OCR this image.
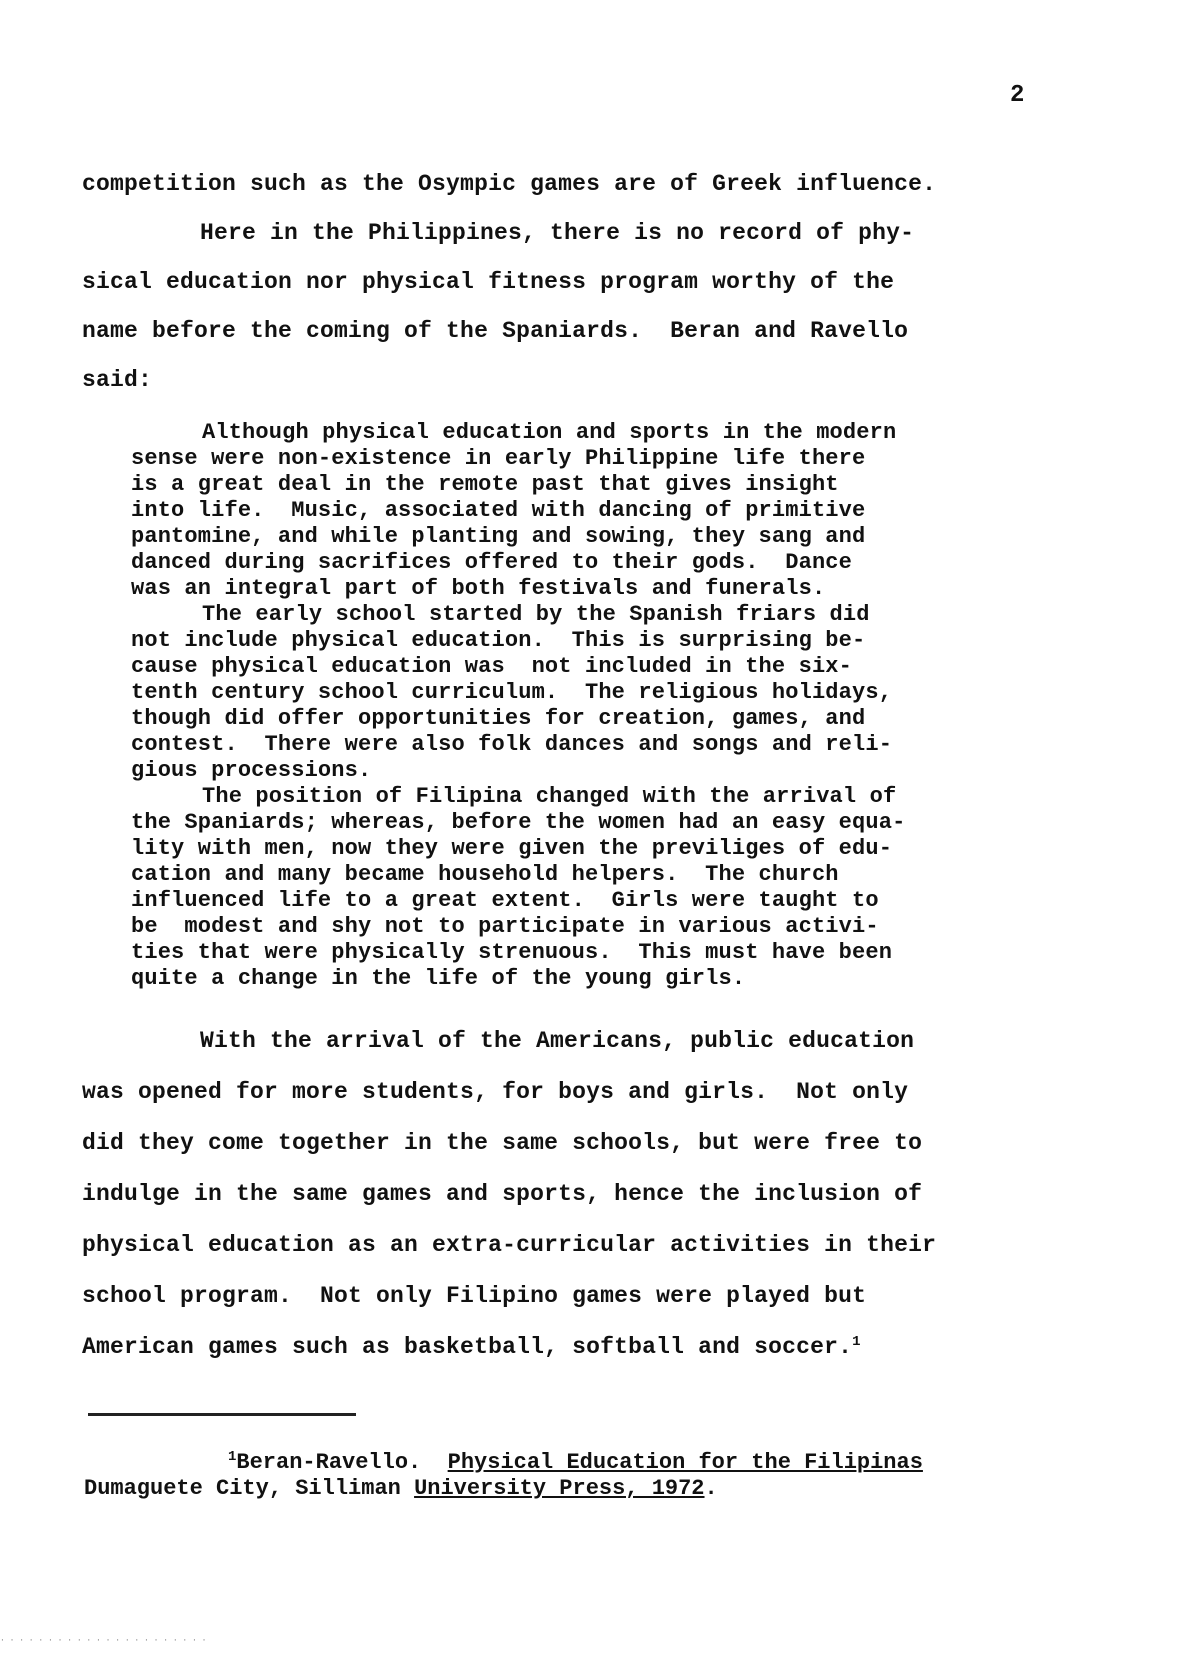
2
competition such as the Osympic games are of Greek influence.
Here in the Philippines, there is no record of phy-
sical education nor physical fitness program worthy of the
name before the coming of the Spaniards.  Beran and Ravello
said:
Although physical education and sports in the modern
sense were non-existence in early Philippine life there
is a great deal in the remote past that gives insight
into life.  Music, associated with dancing of primitive
pantomine, and while planting and sowing, they sang and
danced during sacrifices offered to their gods.  Dance
was an integral part of both festivals and funerals.
The early school started by the Spanish friars did
not include physical education.  This is surprising be-
cause physical education was  not included in the six-
tenth century school curriculum.  The religious holidays,
though did offer opportunities for creation, games, and
contest.  There were also folk dances and songs and reli-
gious processions.
The position of Filipina changed with the arrival of
the Spaniards; whereas, before the women had an easy equa-
lity with men, now they were given the previliges of edu-
cation and many became household helpers.  The church
influenced life to a great extent.  Girls were taught to
be  modest and shy not to participate in various activi-
ties that were physically strenuous.  This must have been
quite a change in the life of the young girls.
With the arrival of the Americans, public education
was opened for more students, for boys and girls.  Not only
did they come together in the same schools, but were free to
indulge in the same games and sports, hence the inclusion of
physical education as an extra-curricular activities in their
school program.  Not only Filipino games were played but
American games such as basketball, softball and soccer.$^1$
$^1$Beran-Ravello.  Physical Education for the Filipinas
Dumaguete City, Silliman University Press, 1972.
· · · · · · · · · · · · · · · · · · · · · ·
